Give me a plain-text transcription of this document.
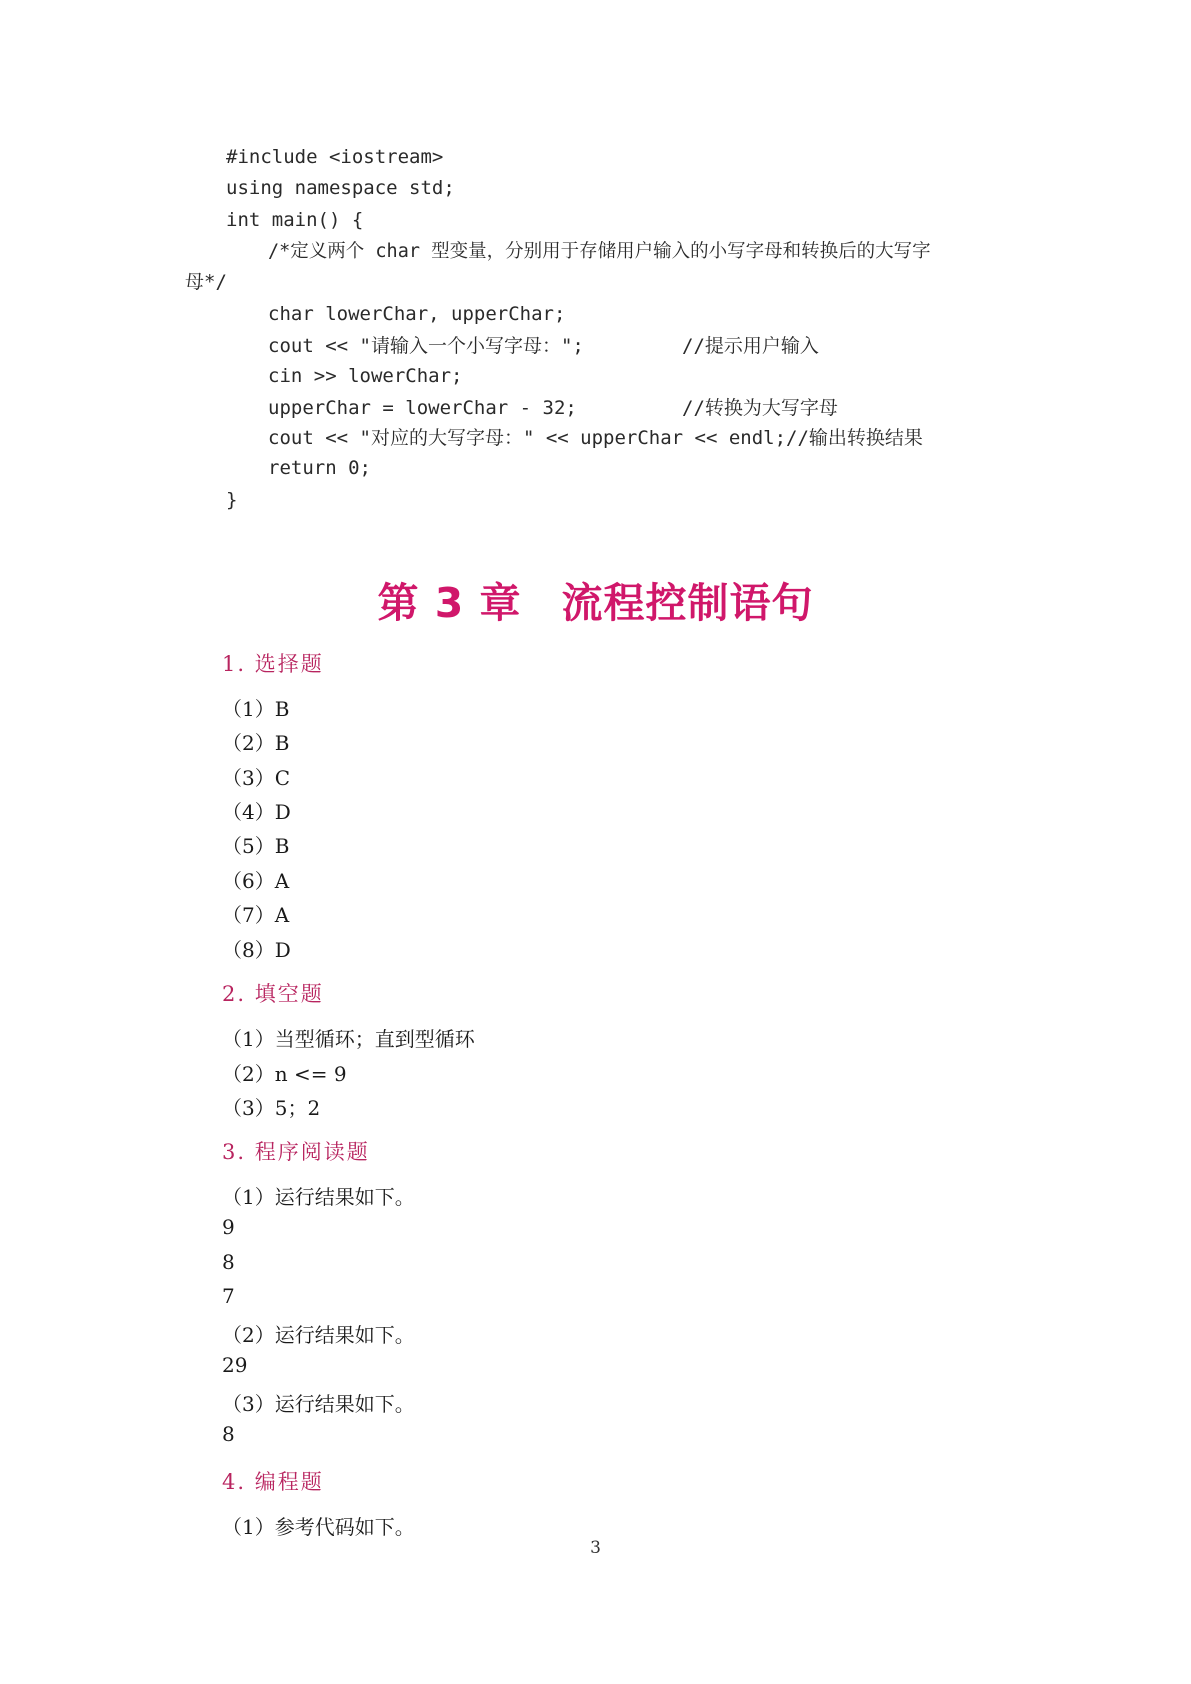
#include <iostream>
using namespace std;
int main() {
/*定义两个 char 型变量，分别用于存储用户输入的小写字母和转换后的大写字
母*/
char lowerChar, upperChar;
cout << "请输入一个小写字母：";	//提示用户输入
cin >> lowerChar;
upperChar = lowerChar - 32;	//转换为大写字母
cout << "对应的大写字母：" << upperChar << endl;//输出转换结果
return 0;
}
第 3 章 流程控制语句
1. 选择题
（1）B
（2）B
（3）C
（4）D
（5）B
（6）A
（7）A
（8）D
2. 填空题
（1）当型循环；直到型循环
（2）n <= 9
（3）5；2
3. 程序阅读题
（1）运行结果如下。
9
8
7
（2）运行结果如下。
29
（3）运行结果如下。
8
4. 编程题
（1）参考代码如下。
3
